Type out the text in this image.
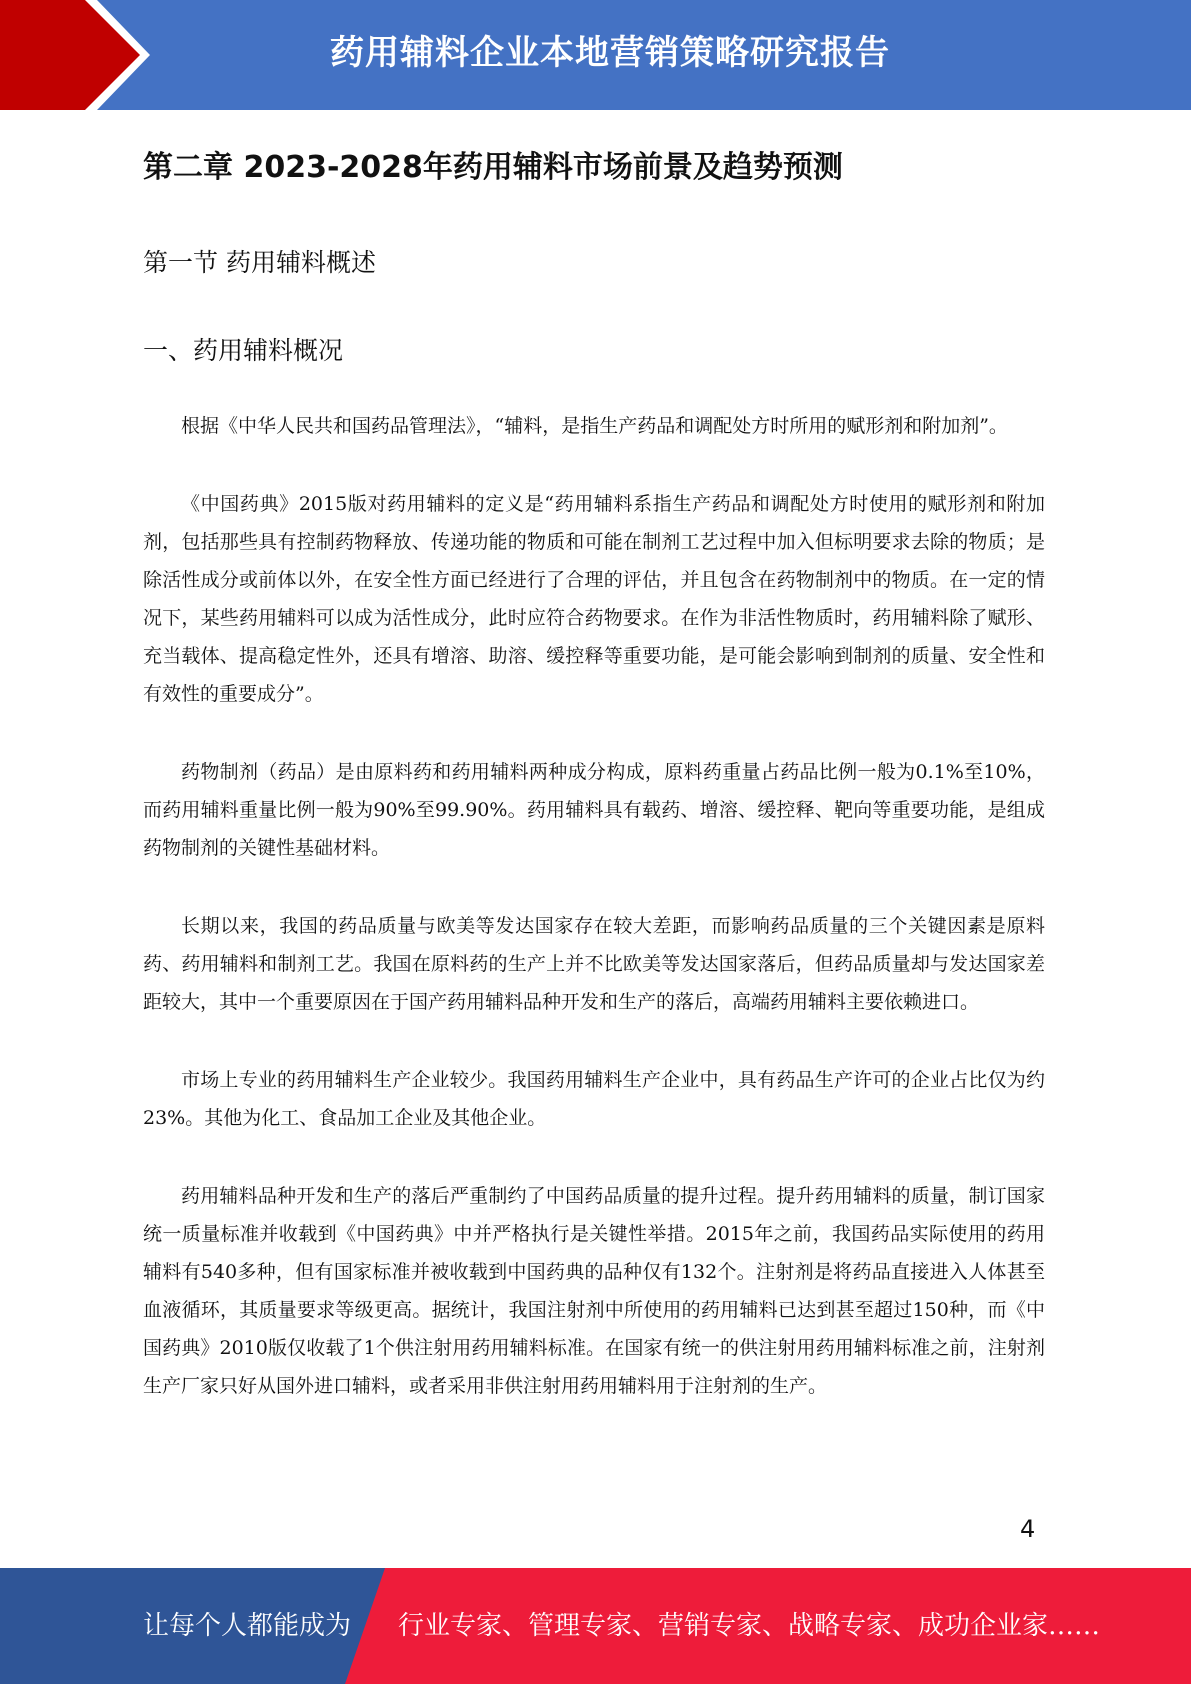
药用辅料企业本地营销策略研究报告
第二章 2023-2028年药用辅料市场前景及趋势预测
第一节 药用辅料概述
一、药用辅料概况

根据《中华人民共和国药品管理法》，“辅料，是指生产药品和调配处方时所用的赋形剂和附加剂”。

《中国药典》2015版对药用辅料的定义是“药用辅料系指生产药品和调配处方时使用的赋形剂和附加剂，包括那些具有控制药物释放、传递功能的物质和可能在制剂工艺过程中加入但标明要求去除的物质；是除活性成分或前体以外，在安全性方面已经进行了合理的评估，并且包含在药物制剂中的物质。在一定的情况下，某些药用辅料可以成为活性成分，此时应符合药物要求。在作为非活性物质时，药用辅料除了赋形、充当载体、提高稳定性外，还具有增溶、助溶、缓控释等重要功能，是可能会影响到制剂的质量、安全性和有效性的重要成分”。

药物制剂（药品）是由原料药和药用辅料两种成分构成，原料药重量占药品比例一般为0.1%至10%，而药用辅料重量比例一般为90%至99.90%。药用辅料具有载药、增溶、缓控释、靶向等重要功能，是组成药物制剂的关键性基础材料。

长期以来，我国的药品质量与欧美等发达国家存在较大差距，而影响药品质量的三个关键因素是原料药、药用辅料和制剂工艺。我国在原料药的生产上并不比欧美等发达国家落后，但药品质量却与发达国家差距较大，其中一个重要原因在于国产药用辅料品种开发和生产的落后，高端药用辅料主要依赖进口。

市场上专业的药用辅料生产企业较少。我国药用辅料生产企业中，具有药品生产许可的企业占比仅为约23%。其他为化工、食品加工企业及其他企业。

药用辅料品种开发和生产的落后严重制约了中国药品质量的提升过程。提升药用辅料的质量，制订国家统一质量标准并收载到《中国药典》中并严格执行是关键性举措。2015年之前，我国药品实际使用的药用辅料有540多种，但有国家标准并被收载到中国药典的品种仅有132个。注射剂是将药品直接进入人体甚至血液循环，其质量要求等级更高。据统计，我国注射剂中所使用的药用辅料已达到甚至超过150种，而《中国药典》2010版仅收载了1个供注射用药用辅料标准。在国家有统一的供注射用药用辅料标准之前，注射剂生产厂家只好从国外进口辅料，或者采用非供注射用药用辅料用于注射剂的生产。

4
让每个人都能成为 行业专家、管理专家、营销专家、战略专家、成功企业家……
